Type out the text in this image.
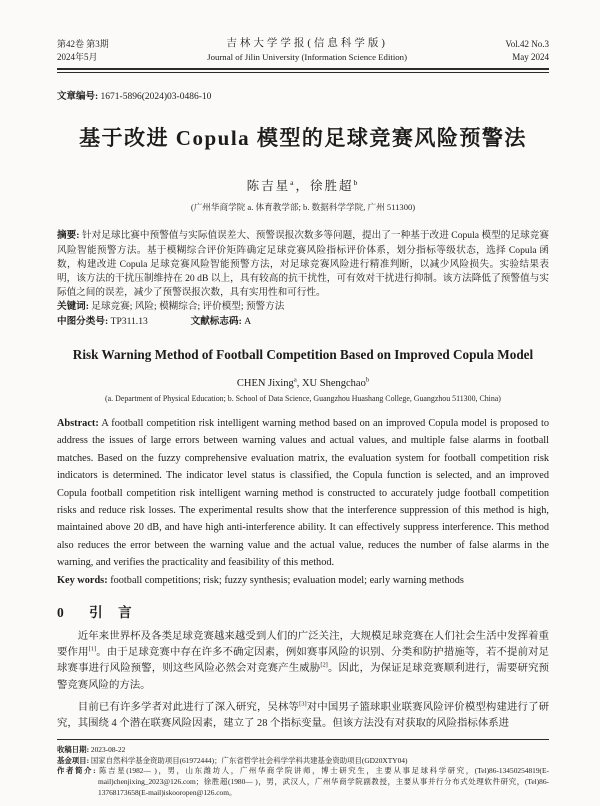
第42卷 第3期
2024年5月
吉林大学学报(信息科学版)
Journal of Jilin University (Information Science Edition)
Vol.42 No.3
May 2024
文章编号: 1671-5896(2024)03-0486-10
基于改进 Copula 模型的足球竞赛风险预警法
陈吉星$^a$，徐胜超$^b$
(广州华商学院 a. 体育教学部; b. 数据科学学院, 广州 511300)

摘要: 针对足球比赛中预警值与实际值误差大、预警误报次数多等问题，提出了一种基于改进 Copula 模型的足球竞赛风险智能预警方法。基于模糊综合评价矩阵确定足球竞赛风险指标评价体系，划分指标等级状态，选择 Copula 函数，构建改进 Copula 足球竞赛风险智能预警方法，对足球竞赛风险进行精准判断，以减少风险损失。实验结果表明，该方法的干扰压制维持在 20 dB 以上，具有较高的抗干扰性，可有效对干扰进行抑制。该方法降低了预警值与实际值之间的误差，减少了预警误报次数，具有实用性和可行性。

关键词: 足球竞赛; 风险; 模糊综合; 评价模型; 预警方法

中图分类号: TP311.13	文献标志码: A

Risk Warning Method of Football Competition Based on Improved Copula Model
CHEN Jixing$^a$, XU Shengchao$^b$
(a. Department of Physical Education; b. School of Data Science, Guangzhou Huashang College, Guangzhou 511300, China)

Abstract: A football competition risk intelligent warning method based on an improved Copula model is proposed to address the issues of large errors between warning values and actual values, and multiple false alarms in football matches. Based on the fuzzy comprehensive evaluation matrix, the evaluation system for football competition risk indicators is determined. The indicator level status is classified, the Copula function is selected, and an improved Copula football competition risk intelligent warning method is constructed to accurately judge football competition risks and reduce risk losses. The experimental results show that the interference suppression of this method is high, maintained above 20 dB, and have high anti-interference ability. It can effectively suppress interference. This method also reduces the error between the warning value and the actual value, reduces the number of false alarms in the warning, and verifies the practicality and feasibility of this method.

Key words: football competitions; risk; fuzzy synthesis; evaluation model; early warning methods

0 引　言

近年来世界杯及各类足球竞赛越来越受到人们的广泛关注，大规模足球竞赛在人们社会生活中发挥着重要作用[1]。由于足球竞赛中存在许多不确定因素，例如赛事风险的识别、分类和防护措施等，若不提前对足球赛事进行风险预警，则这些风险必然会对竞赛产生威胁[2]。因此，为保证足球竞赛顺利进行，需要研究预警竞赛风险的方法。

目前已有许多学者对此进行了深入研究，吴林等[3]对中国男子篮球职业联赛风险评价模型构建进行了研究，其围绕 4 个潜在联赛风险因素，建立了 28 个指标变量。但该方法没有对获取的风险指标体系进

收稿日期: 2023-08-22

基金项目: 国家自然科学基金资助项目(61972444)；广东省哲学社会科学学科共建基金资助项目(GD20XTY04)

作者简介: 陈吉星(1982— )，男，山东潍坊人，广州华商学院讲师，博士研究生，主要从事足球科学研究，(Tel)86-13450254819(E-mail)chenjixing_2023@126.com；徐胜超(1980— )，男，武汉人，广州华商学院副教授，主要从事并行分布式处理软件研究，(Tel)86-13768173658(E-mail)iskooropen@126.com。
